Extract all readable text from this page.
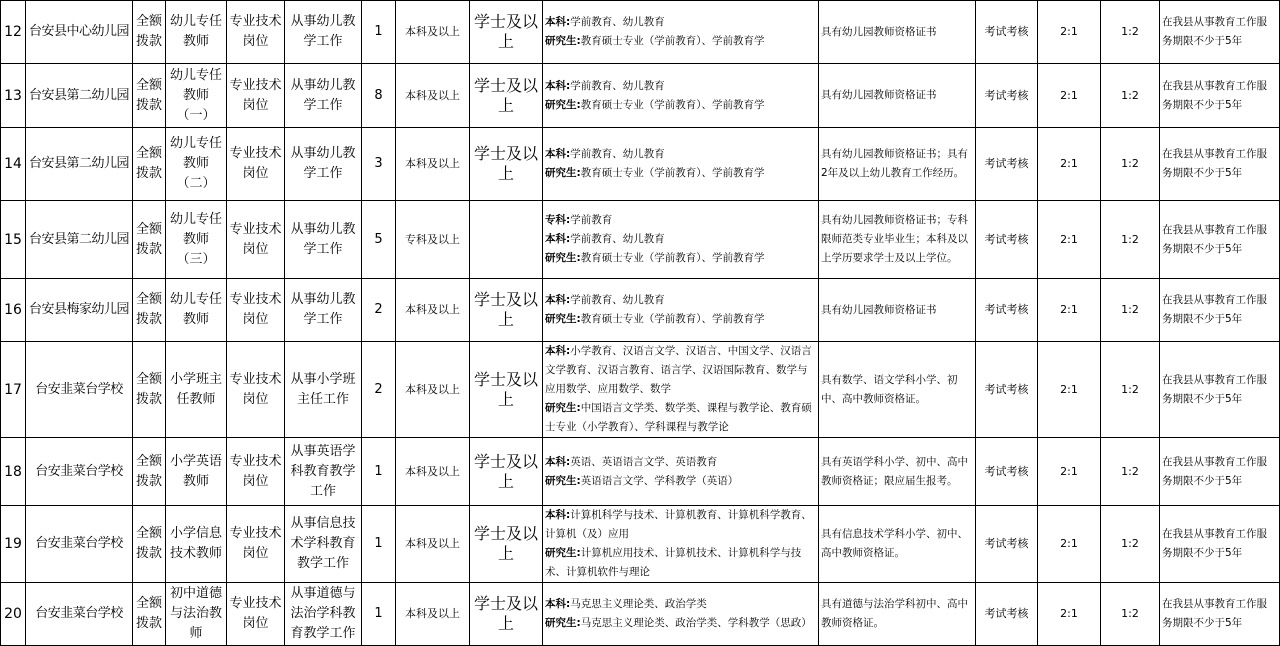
12	台安县中心幼儿园	全额拨款	幼儿专任教师	专业技术岗位	从事幼儿教学工作	1	本科及以上	学士及以上	本科:学前教育、幼儿教育
研究生:教育硕士专业（学前教育）、学前教育学	具有幼儿园教师资格证书	考试考核	2:1	1:2	在我县从事教育工作服务期限不少于5年
13	台安县第二幼儿园	全额拨款	幼儿专任教师（一）	专业技术岗位	从事幼儿教学工作	8	本科及以上	学士及以上	本科:学前教育、幼儿教育
研究生:教育硕士专业（学前教育）、学前教育学	具有幼儿园教师资格证书	考试考核	2:1	1:2	在我县从事教育工作服务期限不少于5年
14	台安县第二幼儿园	全额拨款	幼儿专任教师（二）	专业技术岗位	从事幼儿教学工作	3	本科及以上	学士及以上	本科:学前教育、幼儿教育
研究生:教育硕士专业（学前教育）、学前教育学	具有幼儿园教师资格证书；具有2年及以上幼儿教育工作经历。	考试考核	2:1	1:2	在我县从事教育工作服务期限不少于5年
15	台安县第二幼儿园	全额拨款	幼儿专任教师（三）	专业技术岗位	从事幼儿教学工作	5	专科及以上		专科:学前教育
本科:学前教育、幼儿教育
研究生:教育硕士专业（学前教育）、学前教育学	具有幼儿园教师资格证书；专科限师范类专业毕业生；本科及以上学历要求学士及以上学位。	考试考核	2:1	1:2	在我县从事教育工作服务期限不少于5年
16	台安县梅家幼儿园	全额拨款	幼儿专任教师	专业技术岗位	从事幼儿教学工作	2	本科及以上	学士及以上	本科:学前教育、幼儿教育
研究生:教育硕士专业（学前教育）、学前教育学	具有幼儿园教师资格证书	考试考核	2:1	1:2	在我县从事教育工作服务期限不少于5年
17	台安韭菜台学校	全额拨款	小学班主任教师	专业技术岗位	从事小学班主任工作	2	本科及以上	学士及以上	本科:小学教育、汉语言文学、汉语言、中国文学、汉语言文学教育、汉语言教育、语言学、汉语国际教育、数学与应用数学、应用数学、数学
研究生:中国语言文学类、数学类、课程与教学论、教育硕士专业（小学教育）、学科课程与教学论	具有数学、语文学科小学、初中、高中教师资格证。	考试考核	2:1	1:2	在我县从事教育工作服务期限不少于5年
18	台安韭菜台学校	全额拨款	小学英语教师	专业技术岗位	从事英语学科教育教学工作	1	本科及以上	学士及以上	本科:英语、英语语言文学、英语教育
研究生:英语语言文学、学科教学（英语）	具有英语学科小学、初中、高中教师资格证；限应届生报考。	考试考核	2:1	1:2	在我县从事教育工作服务期限不少于5年
19	台安韭菜台学校	全额拨款	小学信息技术教师	专业技术岗位	从事信息技术学科教育教学工作	1	本科及以上	学士及以上	本科:计算机科学与技术、计算机教育、计算机科学教育、计算机（及）应用
研究生:计算机应用技术、计算机技术、计算机科学与技术、计算机软件与理论	具有信息技术学科小学、初中、高中教师资格证。	考试考核	2:1	1:2	在我县从事教育工作服务期限不少于5年
20	台安韭菜台学校	全额拨款	初中道德与法治教师	专业技术岗位	从事道德与法治学科教育教学工作	1	本科及以上	学士及以上	本科:马克思主义理论类、政治学类
研究生:马克思主义理论类、政治学类、学科教学（思政）	具有道德与法治学科初中、高中教师资格证。	考试考核	2:1	1:2	在我县从事教育工作服务期限不少于5年
